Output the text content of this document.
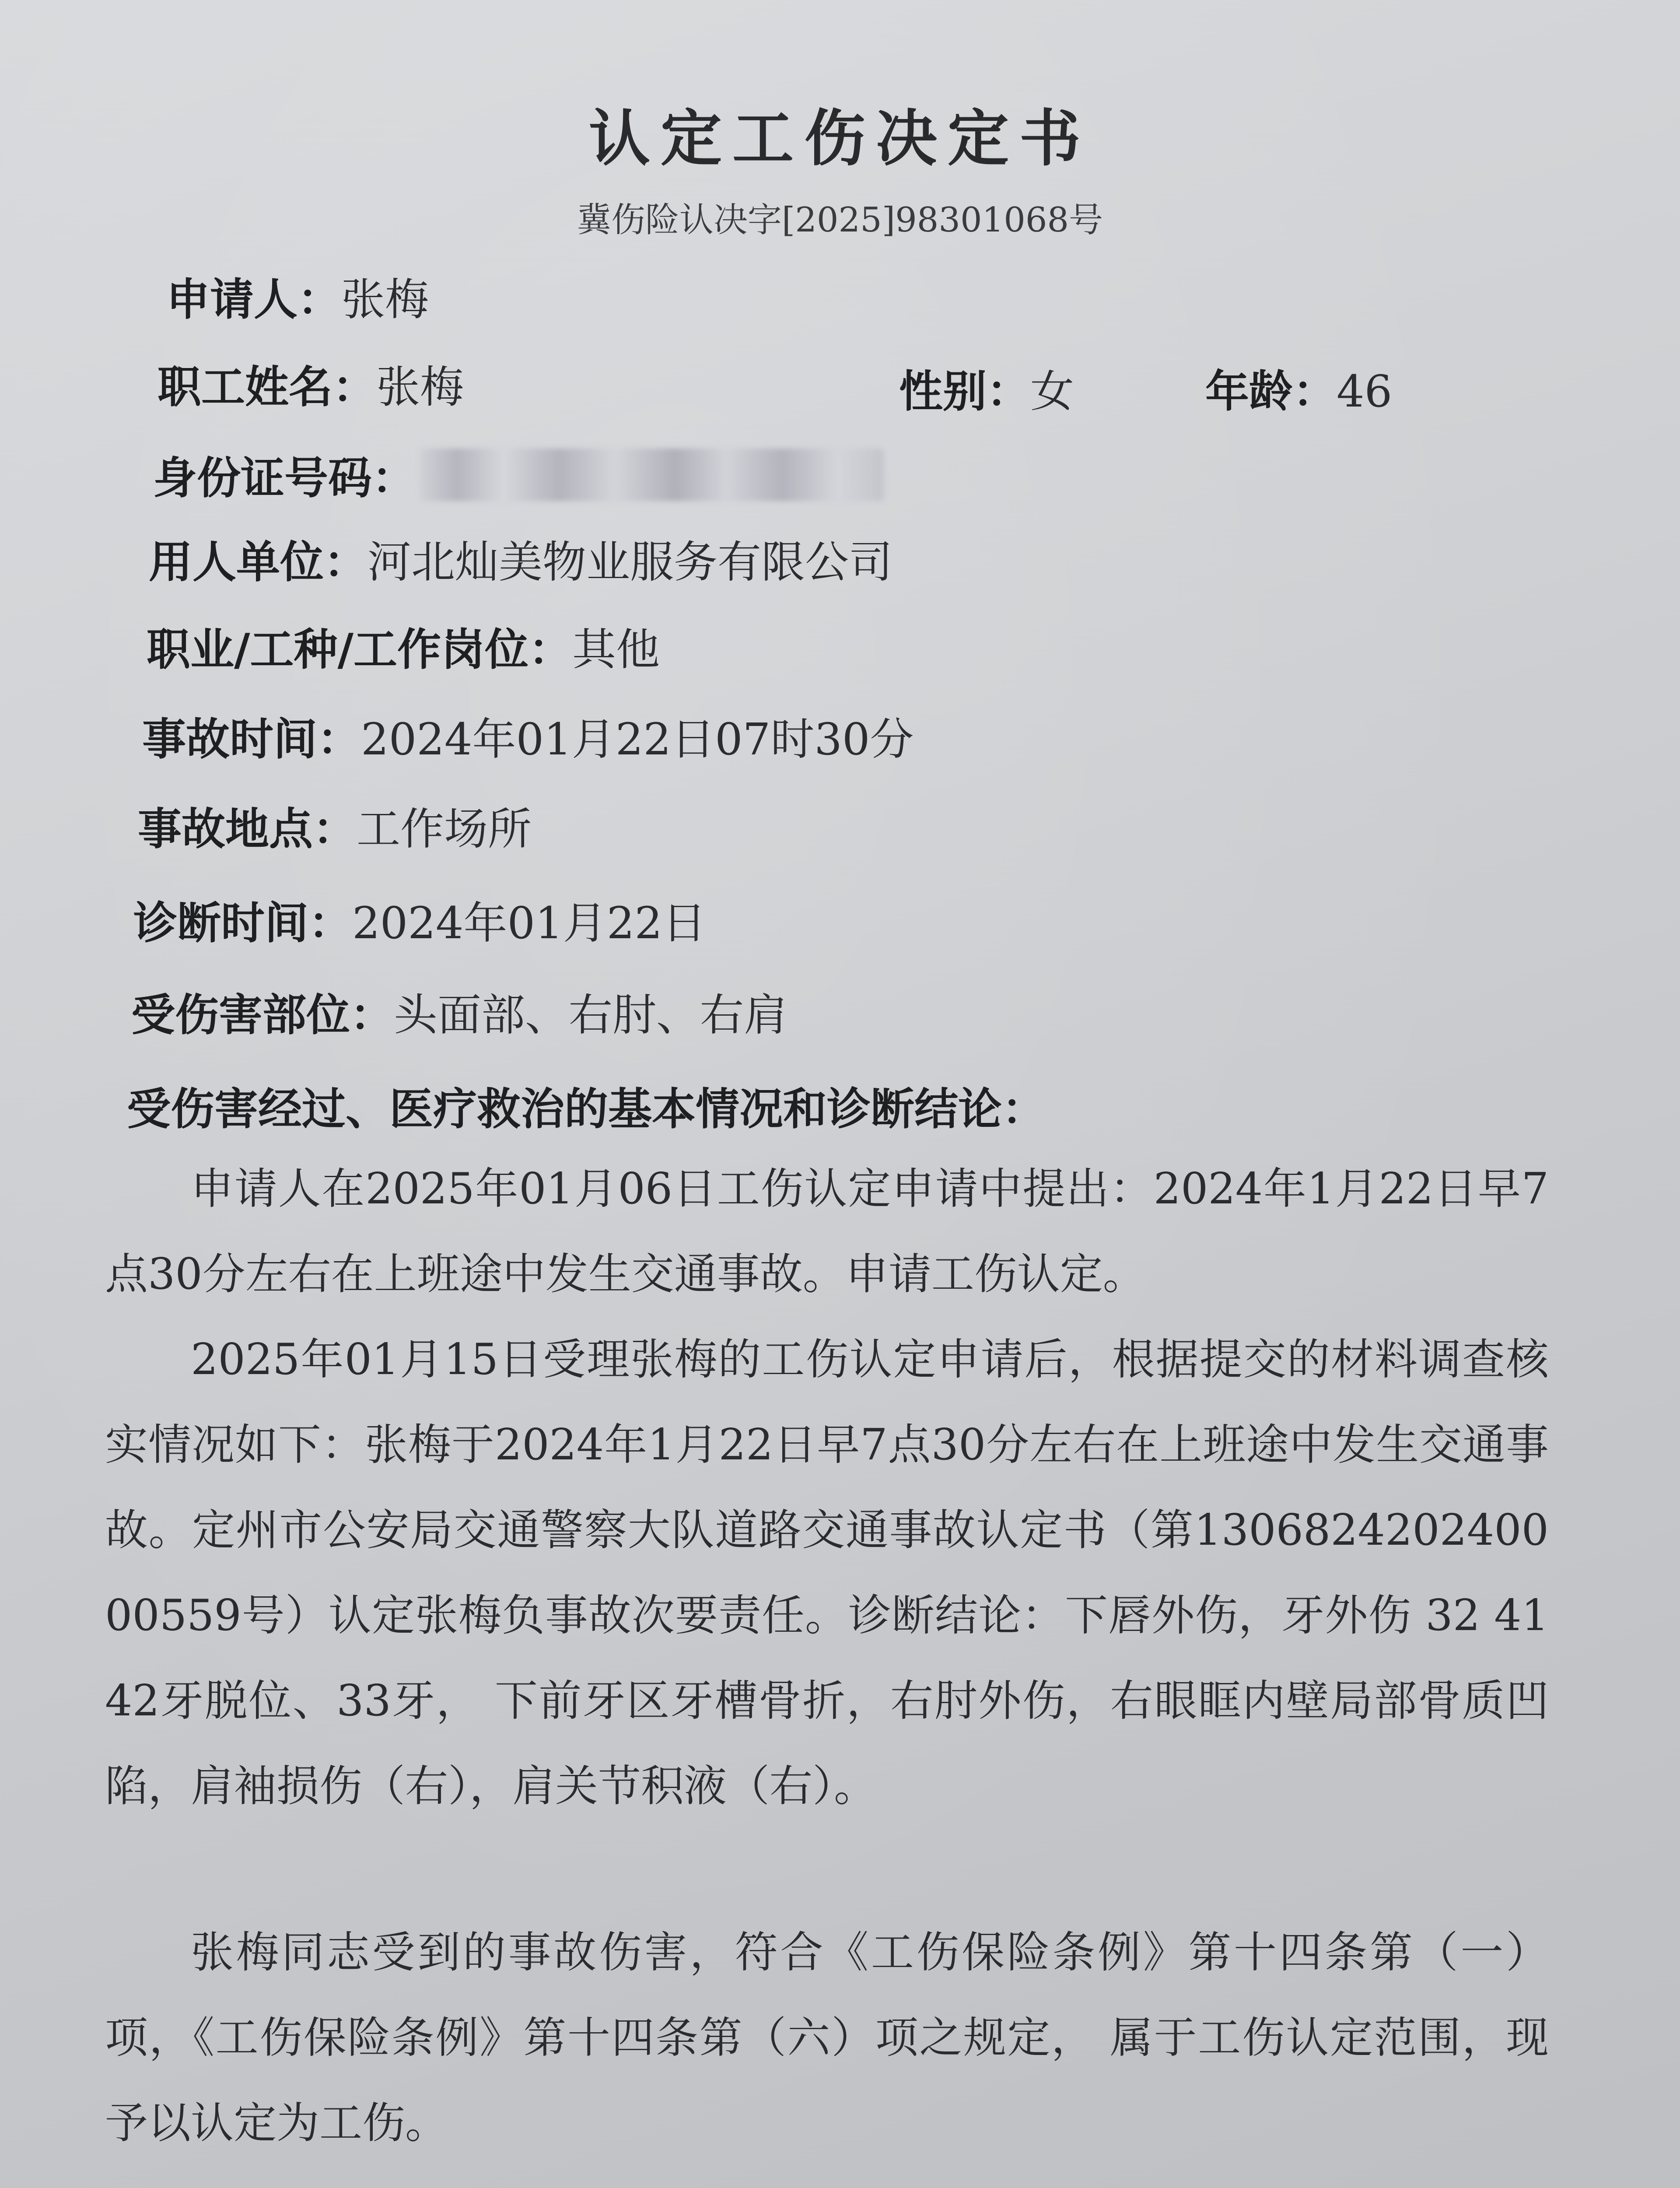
认定工伤决定书
冀伤险认决字[2025]98301068号
申请人：张梅
职工姓名：张梅	性别：女	年龄：46
身份证号码：
用人单位：河北灿美物业服务有限公司
职业/工种/工作岗位：其他
事故时间：2024年01月22日07时30分
事故地点：工作场所
诊断时间：2024年01月22日
受伤害部位：头面部、右肘、右肩
受伤害经过、医疗救治的基本情况和诊断结论：

申请人在2025年01月06日工伤认定申请中提出：2024年1月22日早7点30分左右在上班途中发生交通事故。申请工伤认定。

2025年01月15日受理张梅的工伤认定申请后，根据提交的材料调查核实情况如下：张梅于2024年1月22日早7点30分左右在上班途中发生交通事故。定州市公安局交通警察大队道路交通事故认定书（第130682420240000559号）认定张梅负事故次要责任。诊断结论：下唇外伤，牙外伤 32 41 42牙脱位、33牙， 下前牙区牙槽骨折，右肘外伤，右眼眶内壁局部骨质凹陷，肩袖损伤（右），肩关节积液（右）。

张梅同志受到的事故伤害，符合《工伤保险条例》第十四条第（一）项，《工伤保险条例》第十四条第（六）项之规定， 属于工伤认定范围，现予以认定为工伤。
